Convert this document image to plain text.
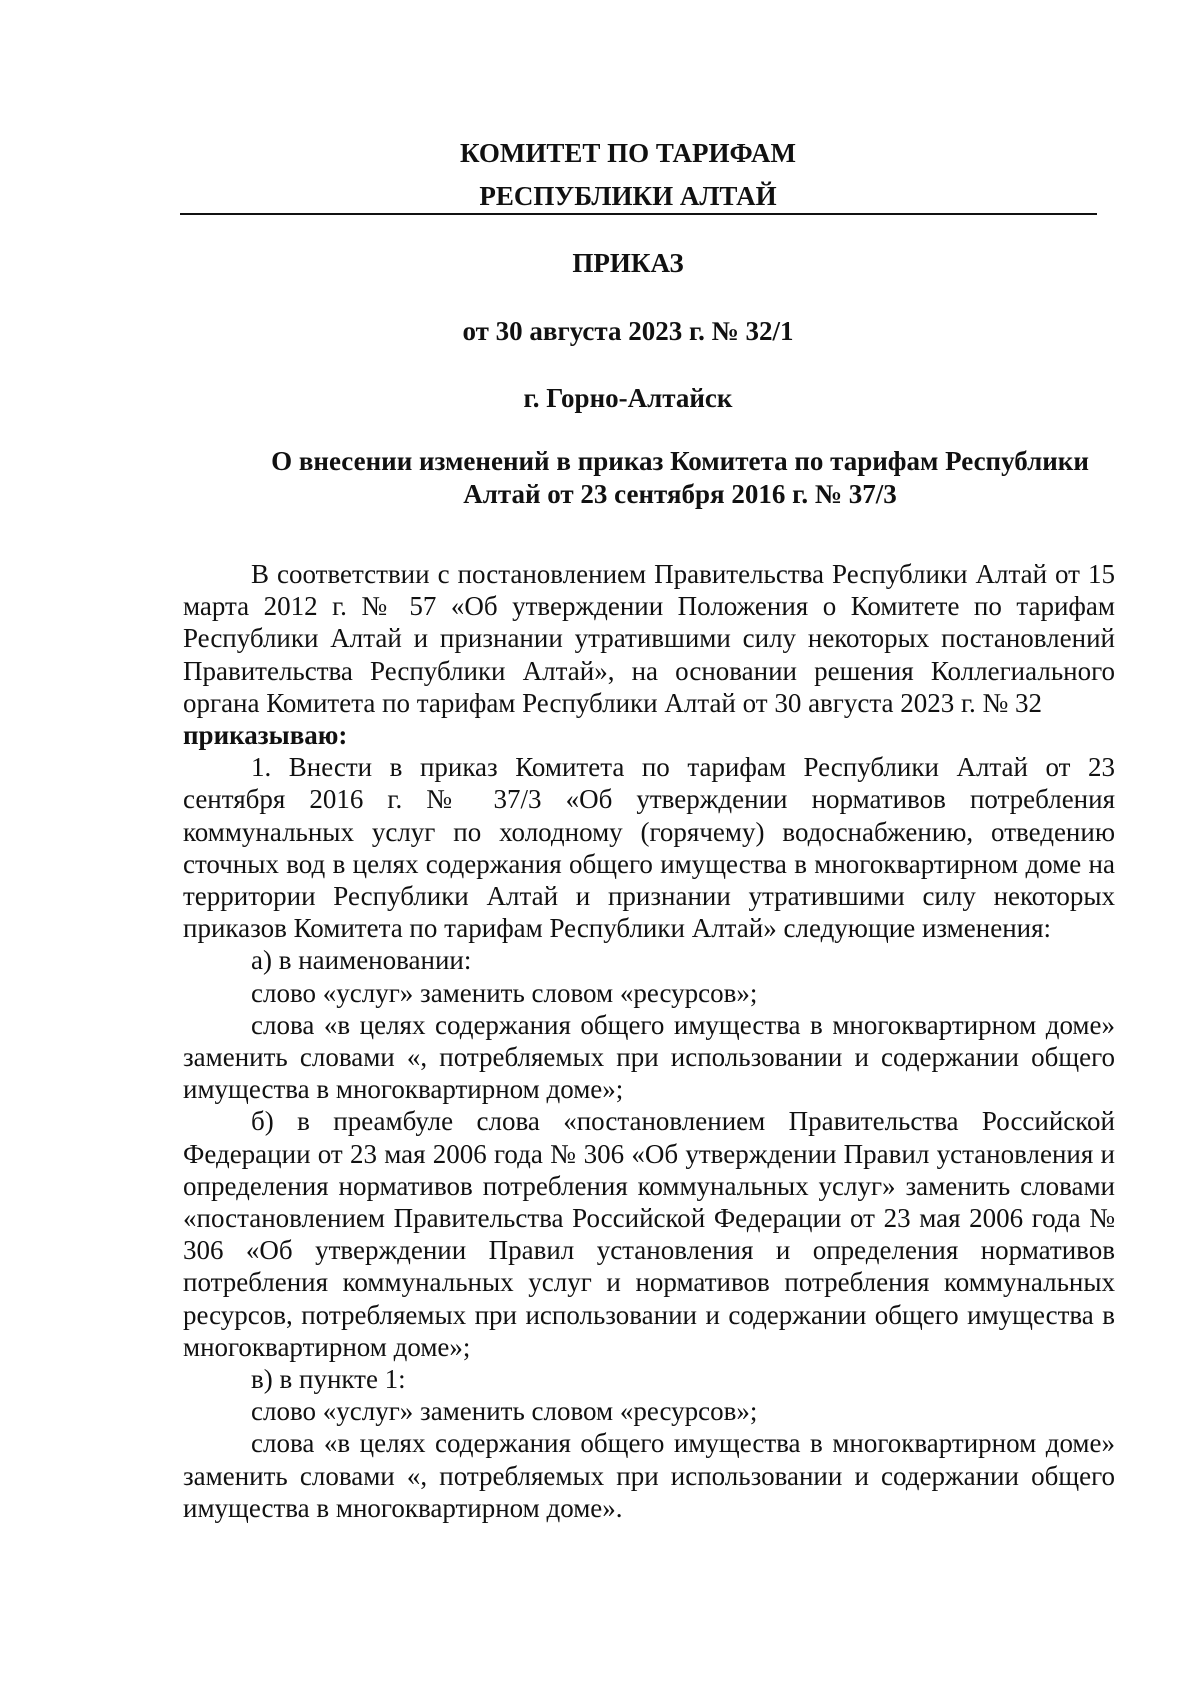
КОМИТЕТ ПО ТАРИФАМ
РЕСПУБЛИКИ АЛТАЙ
ПРИКАЗ
от 30 августа 2023 г. № 32/1
г. Горно-Алтайск
О внесении изменений в приказ Комитета по тарифам Республики
Алтай от 23 сентября 2016 г. № 37/3

В соответствии с постановлением Правительства Республики Алтай от 15 марта 2012 г. № 57 «Об утверждении Положения о Комитете по тарифам Республики Алтай и признании утратившими силу некоторых постановлений Правительства Республики Алтай», на основании решения Коллегиального органа Комитета по тарифам Республики Алтай от 30 августа 2023 г. № 32

приказываю:

1. Внести в приказ Комитета по тарифам Республики Алтай от 23 сентября 2016 г. № 37/3 «Об утверждении нормативов потребления коммунальных услуг по холодному (горячему) водоснабжению, отведению сточных вод в целях содержания общего имущества в многоквартирном доме на территории Республики Алтай и признании утратившими силу некоторых приказов Комитета по тарифам Республики Алтай» следующие изменения:

а) в наименовании:

слово «услуг» заменить словом «ресурсов»;

слова «в целях содержания общего имущества в многоквартирном доме» заменить словами «, потребляемых при использовании и содержании общего имущества в многоквартирном доме»;

б) в преамбуле слова «постановлением Правительства Российской Федерации от 23 мая 2006 года № 306 «Об утверждении Правил установления и определения нормативов потребления коммунальных услуг» заменить словами «постановлением Правительства Российской Федерации от 23 мая 2006 года № 306 «Об утверждении Правил установления и определения нормативов потребления коммунальных услуг и нормативов потребления коммунальных ресурсов, потребляемых при использовании и содержании общего имущества в многоквартирном доме»;

в) в пункте 1:

слово «услуг» заменить словом «ресурсов»;

слова «в целях содержания общего имущества в многоквартирном доме» заменить словами «, потребляемых при использовании и содержании общего имущества в многоквартирном доме».
